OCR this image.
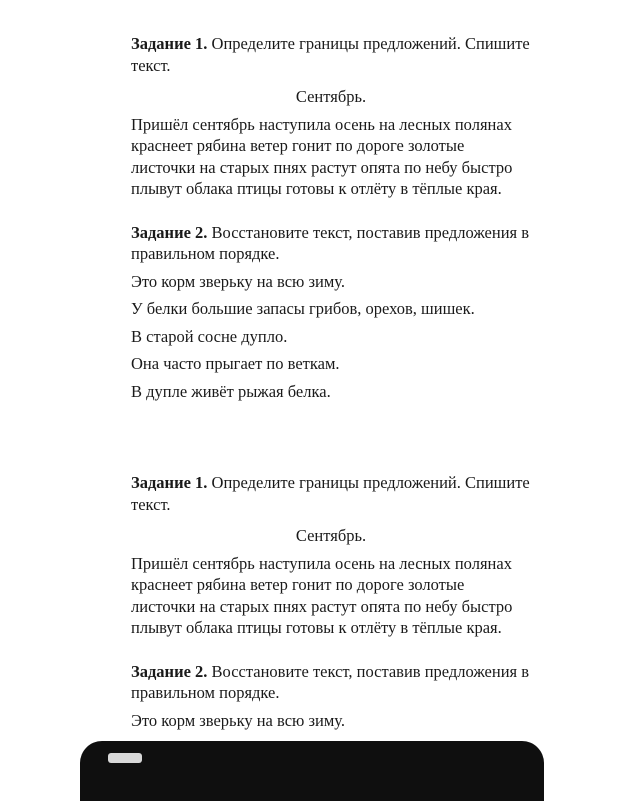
Задание 1. Определите границы предложений. Спишите текст.

Сентябрь.

Пришёл сентябрь наступила осень на лесных полянах краснеет рябина ветер гонит по дороге золотые листочки на старых пнях растут опята по небу быстро плывут облака птицы готовы к отлёту в тёплые края.

Задание 2. Восстановите текст, поставив предложения в правильном порядке.

Это корм зверьку на всю зиму.

У белки большие запасы грибов, орехов, шишек.

В старой сосне дупло.

Она часто прыгает по веткам.

В дупле живёт рыжая белка.

Задание 1. Определите границы предложений. Спишите текст.

Сентябрь.

Пришёл сентябрь наступила осень на лесных полянах краснеет рябина ветер гонит по дороге золотые листочки на старых пнях растут опята по небу быстро плывут облака птицы готовы к отлёту в тёплые края.

Задание 2. Восстановите текст, поставив предложения в правильном порядке.

Это корм зверьку на всю зиму.
